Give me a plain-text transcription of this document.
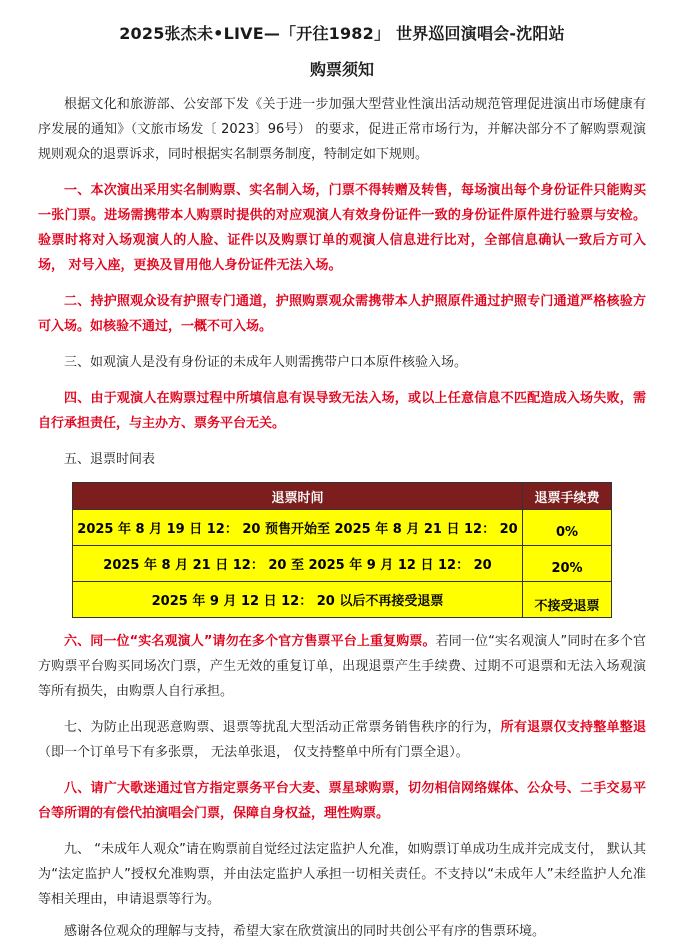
2025张杰未•LIVE—「开往1982」 世界巡回演唱会-沈阳站
购票须知

根据文化和旅游部、公安部下发《关于进一步加强大型营业性演出活动规范管理促进演出市场健康有序发展的通知》（文旅市场发〔 2023〕96号） 的要求，促进正常市场行为，并解决部分不了解购票观演规则观众的退票诉求，同时根据实名制票务制度，特制定如下规则。

一、本次演出采用实名制购票、实名制入场，门票不得转赠及转售，每场演出每个身份证件只能购买一张门票。进场需携带本人购票时提供的对应观演人有效身份证件一致的身份证件原件进行验票与安检。验票时将对入场观演人的人脸、证件以及购票订单的观演人信息进行比对，全部信息确认一致后方可入场， 对号入座，更换及冒用他人身份证件无法入场。

二、持护照观众设有护照专门通道，护照购票观众需携带本人护照原件通过护照专门通道严格核验方可入场。如核验不通过，一概不可入场。

三、如观演人是没有身份证的未成年人则需携带户口本原件核验入场。

四、由于观演人在购票过程中所填信息有误导致无法入场，或以上任意信息不匹配造成入场失败，需自行承担责任，与主办方、票务平台无关。

五、退票时间表

退票时间	退票手续费
2025 年 8 月 19 日 12： 20 预售开始至 2025 年 8 月 21 日 12： 20	0%
2025 年 8 月 21 日 12： 20 至 2025 年 9 月 12 日 12： 20	20%
2025 年 9 月 12 日 12： 20 以后不再接受退票	不接受退票

六、同一位“实名观演人”请勿在多个官方售票平台上重复购票。若同一位“实名观演人”同时在多个官方购票平台购买同场次门票，产生无效的重复订单，出现退票产生手续费、过期不可退票和无法入场观演等所有损失，由购票人自行承担。

七、为防止出现恶意购票、退票等扰乱大型活动正常票务销售秩序的行为，所有退票仅支持整单整退（即一个订单号下有多张票， 无法单张退， 仅支持整单中所有门票全退）。

八、请广大歌迷通过官方指定票务平台大麦、票星球购票，切勿相信网络媒体、公众号、二手交易平台等所谓的有偿代拍演唱会门票，保障自身权益，理性购票。

九、 “未成年人观众”请在购票前自觉经过法定监护人允准，如购票订单成功生成并完成支付， 默认其为“法定监护人”授权允准购票，并由法定监护人承担一切相关责任。不支持以“未成年人”未经监护人允准等相关理由，申请退票等行为。

感谢各位观众的理解与支持，希望大家在欣赏演出的同时共创公平有序的售票环境。
